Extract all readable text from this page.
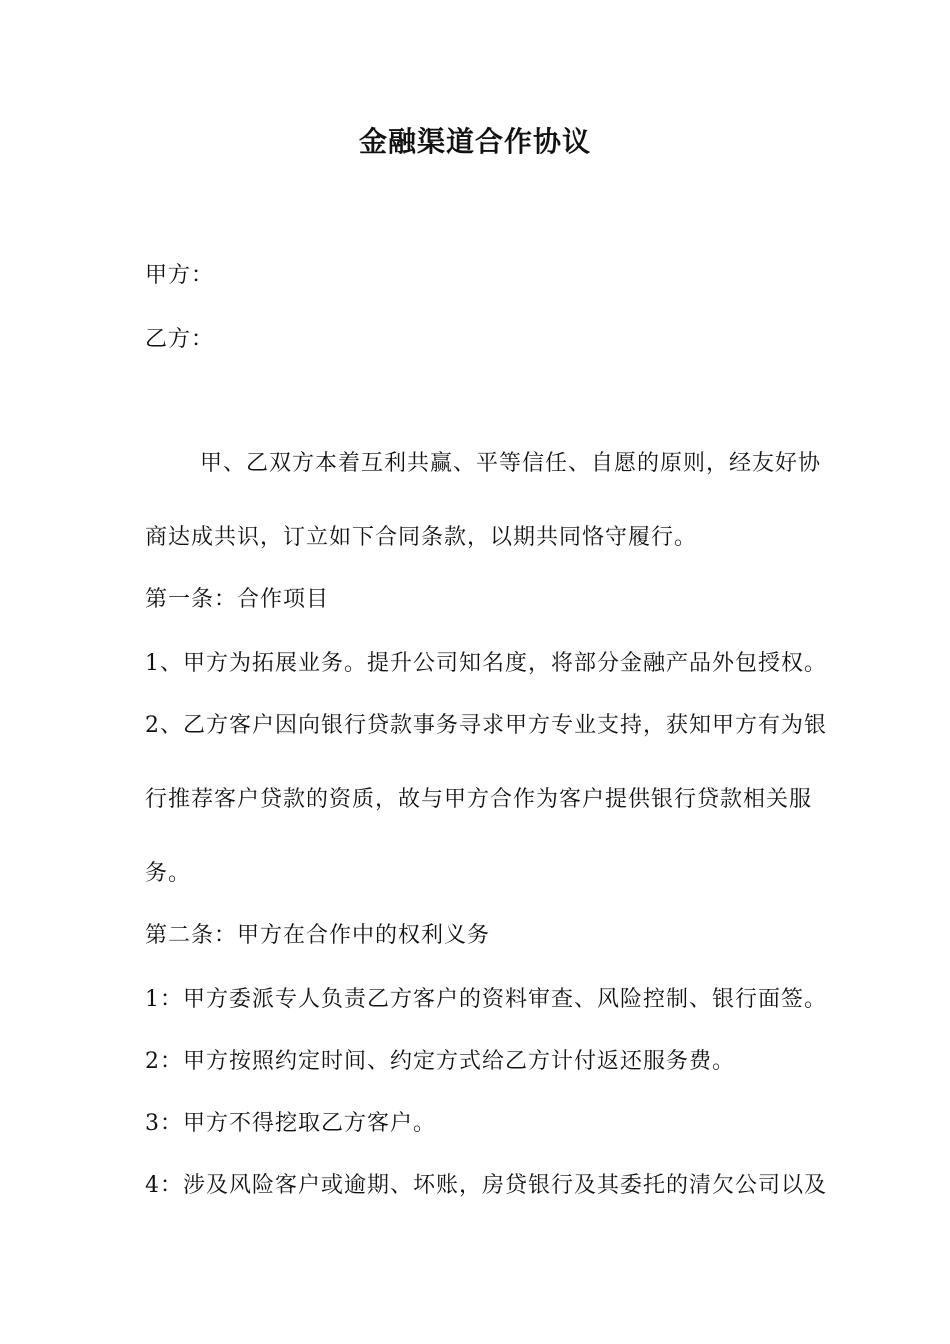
金融渠道合作协议
甲方：
乙方：
甲、乙双方本着互利共赢、平等信任、自愿的原则，经友好协
商达成共识，订立如下合同条款，以期共同恪守履行。
第一条：合作项目
1、甲方为拓展业务。提升公司知名度，将部分金融产品外包授权。
2、乙方客户因向银行贷款事务寻求甲方专业支持，获知甲方有为银
行推荐客户贷款的资质，故与甲方合作为客户提供银行贷款相关服
务。
第二条：甲方在合作中的权利义务
1：甲方委派专人负责乙方客户的资料审查、风险控制、银行面签。
2：甲方按照约定时间、约定方式给乙方计付返还服务费。
3：甲方不得挖取乙方客户。
4：涉及风险客户或逾期、坏账，房贷银行及其委托的清欠公司以及
